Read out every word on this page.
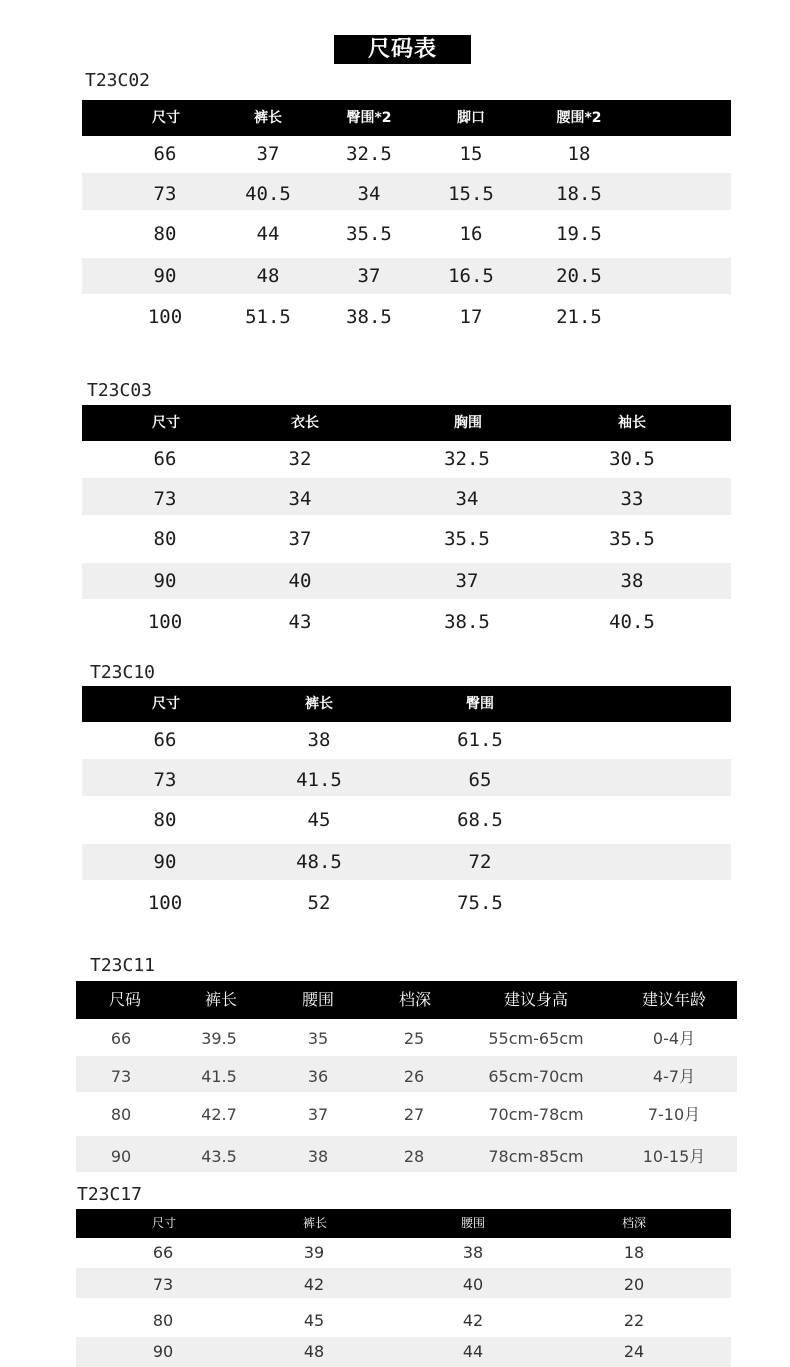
尺码表
T23C02
尺寸	裤长	臀围*2	脚口	腰围*2
66	37	32.5	15	18
73	40.5	34	15.5	18.5
80	44	35.5	16	19.5
90	48	37	16.5	20.5
100	51.5	38.5	17	21.5
T23C03
尺寸	衣长	胸围	袖长
66	32	32.5	30.5
73	34	34	33
80	37	35.5	35.5
90	40	37	38
100	43	38.5	40.5
T23C10
尺寸	裤长	臀围
66	38	61.5
73	41.5	65
80	45	68.5
90	48.5	72
100	52	75.5
T23C11
尺码	裤长	腰围	档深	建议身高	建议年龄
66	39.5	35	25	55cm-65cm	0-4月
73	41.5	36	26	65cm-70cm	4-7月
80	42.7	37	27	70cm-78cm	7-10月
90	43.5	38	28	78cm-85cm	10-15月
T23C17
尺寸	裤长	腰围	档深
66	39	38	18
73	42	40	20
80	45	42	22
90	48	44	24
